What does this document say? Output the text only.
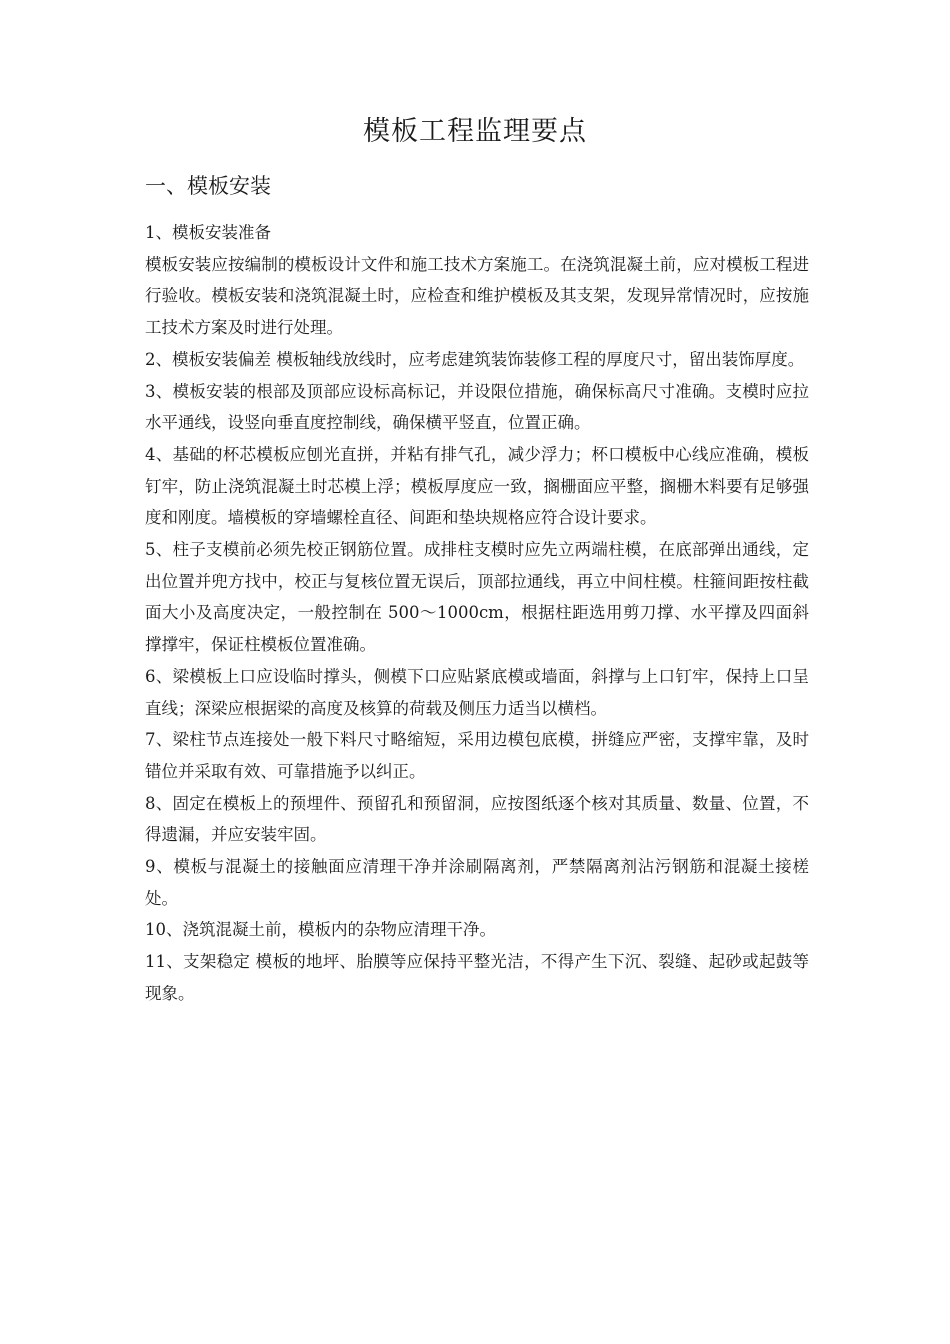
模板工程监理要点
一、模板安装

1、模板安装准备

模板安装应按编制的模板设计文件和施工技术方案施工。在浇筑混凝土前，应对模板工程进行验收。模板安装和浇筑混凝土时，应检查和维护模板及其支架，发现异常情况时，应按施工技术方案及时进行处理。

2、模板安装偏差 模板轴线放线时，应考虑建筑装饰装修工程的厚度尺寸，留出装饰厚度。

3、模板安装的根部及顶部应设标高标记，并设限位措施，确保标高尺寸准确。支模时应拉水平通线，设竖向垂直度控制线，确保横平竖直，位置正确。

4、基础的杯芯模板应刨光直拼，并粘有排气孔，减少浮力；杯口模板中心线应准确，模板钉牢，防止浇筑混凝土时芯模上浮；模板厚度应一致，搁栅面应平整，搁栅木料要有足够强度和刚度。墙模板的穿墙螺栓直径、间距和垫块规格应符合设计要求。

5、柱子支模前必须先校正钢筋位置。成排柱支模时应先立两端柱模，在底部弹出通线，定出位置并兜方找中，校正与复核位置无误后，顶部拉通线，再立中间柱模。柱箍间距按柱截面大小及高度决定，一般控制在 500～1000cm，根据柱距选用剪刀撑、水平撑及四面斜撑撑牢，保证柱模板位置准确。

6、梁模板上口应设临时撑头，侧模下口应贴紧底模或墙面，斜撑与上口钉牢，保持上口呈直线；深梁应根据梁的高度及核算的荷载及侧压力适当以横档。

7、梁柱节点连接处一般下料尺寸略缩短，采用边模包底模，拼缝应严密，支撑牢靠，及时错位并采取有效、可靠措施予以纠正。

8、固定在模板上的预埋件、预留孔和预留洞，应按图纸逐个核对其质量、数量、位置，不得遗漏，并应安装牢固。

9、模板与混凝土的接触面应清理干净并涂刷隔离剂，严禁隔离剂沾污钢筋和混凝土接槎处。

10、浇筑混凝土前，模板内的杂物应清理干净。

11、支架稳定 模板的地坪、胎膜等应保持平整光洁，不得产生下沉、裂缝、起砂或起鼓等现象。
